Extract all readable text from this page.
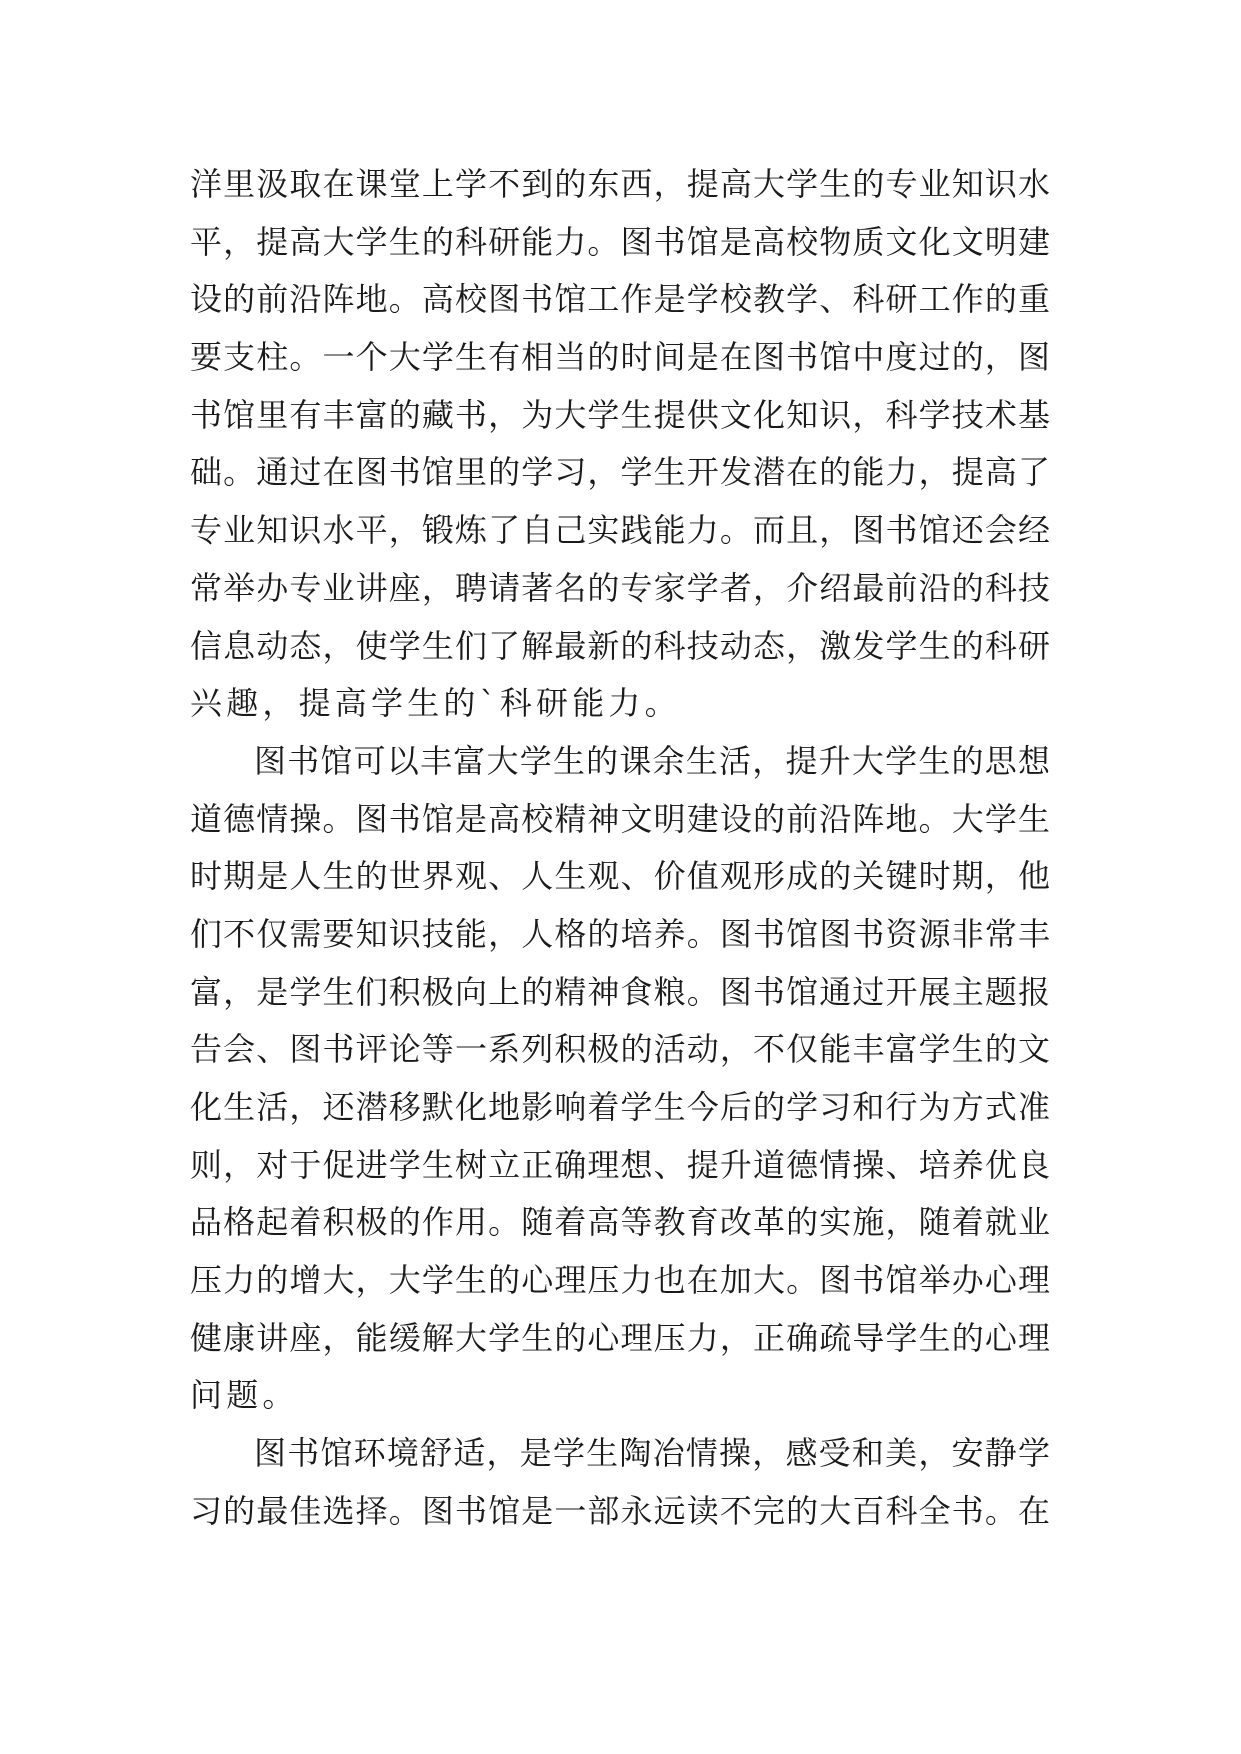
洋里汲取在课堂上学不到的东西，提高大学生的专业知识水
平，提高大学生的科研能力。图书馆是高校物质文化文明建
设的前沿阵地。高校图书馆工作是学校教学、科研工作的重
要支柱。一个大学生有相当的时间是在图书馆中度过的，图
书馆里有丰富的藏书，为大学生提供文化知识，科学技术基
础。通过在图书馆里的学习，学生开发潜在的能力，提高了
专业知识水平，锻炼了自己实践能力。而且，图书馆还会经
常举办专业讲座，聘请著名的专家学者，介绍最前沿的科技
信息动态，使学生们了解最新的科技动态，激发学生的科研
兴趣，提高学生的`科研能力。
图书馆可以丰富大学生的课余生活，提升大学生的思想
道德情操。图书馆是高校精神文明建设的前沿阵地。大学生
时期是人生的世界观、人生观、价值观形成的关键时期，他
们不仅需要知识技能，人格的培养。图书馆图书资源非常丰
富，是学生们积极向上的精神食粮。图书馆通过开展主题报
告会、图书评论等一系列积极的活动，不仅能丰富学生的文
化生活，还潜移默化地影响着学生今后的学习和行为方式准
则，对于促进学生树立正确理想、提升道德情操、培养优良
品格起着积极的作用。随着高等教育改革的实施，随着就业
压力的增大，大学生的心理压力也在加大。图书馆举办心理
健康讲座，能缓解大学生的心理压力，正确疏导学生的心理
问题。
图书馆环境舒适，是学生陶冶情操，感受和美，安静学
习的最佳选择。图书馆是一部永远读不完的大百科全书。在
